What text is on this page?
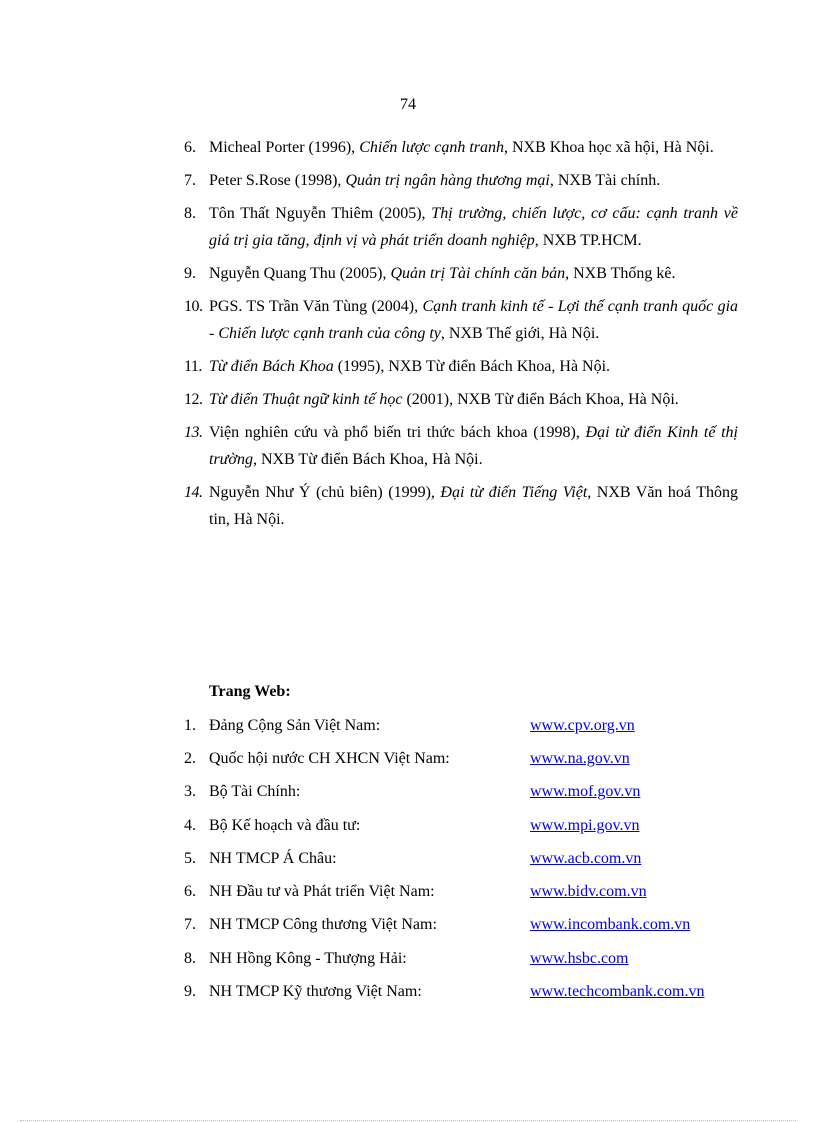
74
6. Micheal Porter (1996), Chiến lược cạnh tranh, NXB Khoa học xã hội, Hà Nội.
7. Peter S.Rose (1998), Quản trị ngân hàng thương mại, NXB Tài chính.
8. Tôn Thất Nguyễn Thiêm (2005), Thị trường, chiến lược, cơ cấu: cạnh tranh về giá trị gia tăng, định vị và phát triển doanh nghiệp, NXB TP.HCM.
9. Nguyễn Quang Thu (2005), Quản trị Tài chính căn bản, NXB Thống kê.
10. PGS. TS Trần Văn Tùng (2004), Cạnh tranh kinh tế - Lợi thế cạnh tranh quốc gia - Chiến lược cạnh tranh của công ty, NXB Thế giới, Hà Nội.
11. Từ điển Bách Khoa (1995), NXB Từ điển Bách Khoa, Hà Nội.
12. Từ điển Thuật ngữ kinh tế học (2001), NXB Từ điển Bách Khoa, Hà Nội.
13. Viện nghiên cứu và phổ biến tri thức bách khoa (1998), Đại từ điển Kinh tế thị trường, NXB Từ điển Bách Khoa, Hà Nội.
14. Nguyễn Như Ý (chủ biên) (1999), Đại từ điển Tiếng Việt, NXB Văn hoá Thông tin, Hà Nội.
Trang Web:
1. Đảng Cộng Sản Việt Nam:	www.cpv.org.vn
2. Quốc hội nước CH XHCN Việt Nam:	www.na.gov.vn
3. Bộ Tài Chính:	www.mof.gov.vn
4. Bộ Kế hoạch và đầu tư:	www.mpi.gov.vn
5. NH TMCP Á Châu:	www.acb.com.vn
6. NH Đầu tư và Phát triển Việt Nam:	www.bidv.com.vn
7. NH TMCP Công thương Việt Nam:	www.incombank.com.vn
8. NH Hồng Kông - Thượng Hải:	www.hsbc.com
9. NH TMCP Kỹ thương Việt Nam:	www.techcombank.com.vn
